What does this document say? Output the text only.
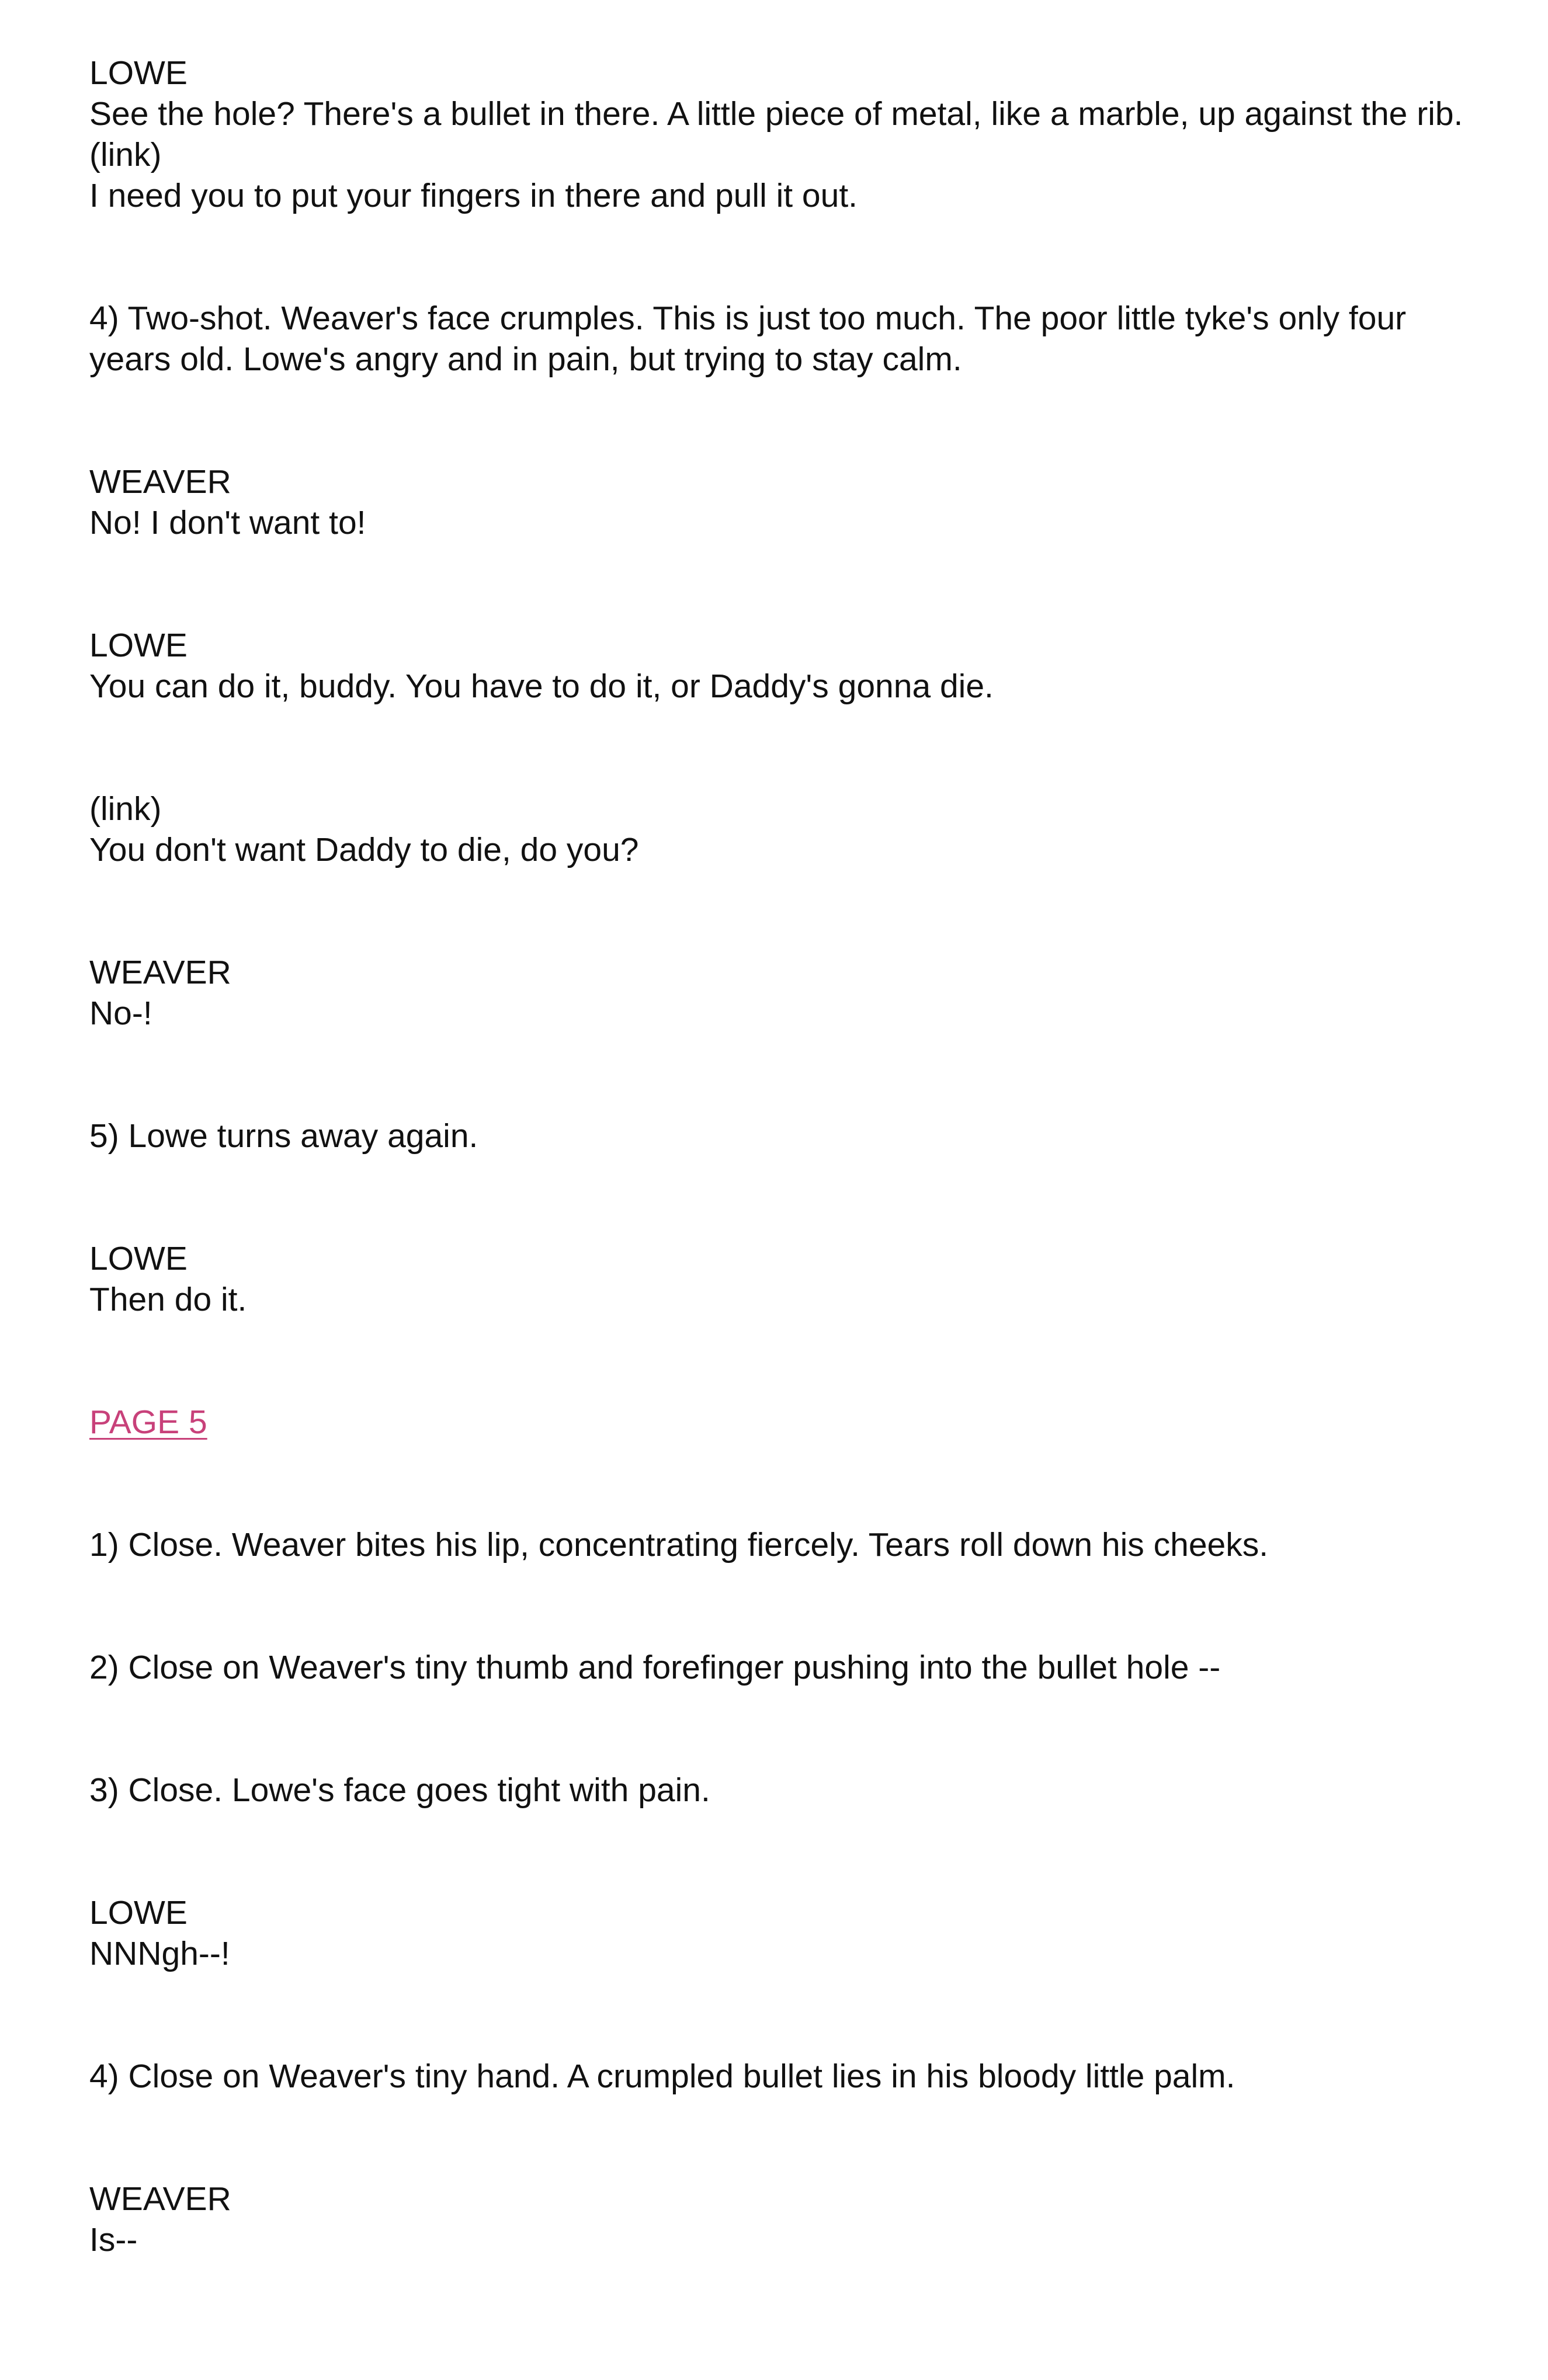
LOWE
See the hole? There's a bullet in there. A little piece of metal, like a marble, up against the rib.
(link)
I need you to put your fingers in there and pull it out.
4) Two-shot. Weaver's face crumples. This is just too much. The poor little tyke's only four years old. Lowe's angry and in pain, but trying to stay calm.
WEAVER
No! I don't want to!
LOWE
You can do it, buddy. You have to do it, or Daddy's gonna die.
(link)
You don't want Daddy to die, do you?
WEAVER
No-!
5) Lowe turns away again.
LOWE
Then do it.
PAGE 5
1) Close. Weaver bites his lip, concentrating fiercely. Tears roll down his cheeks.
2) Close on Weaver's tiny thumb and forefinger pushing into the bullet hole --
3) Close. Lowe's face goes tight with pain.
LOWE
NNNgh--!
4) Close on Weaver's tiny hand. A crumpled bullet lies in his bloody little palm.
WEAVER
Is--
